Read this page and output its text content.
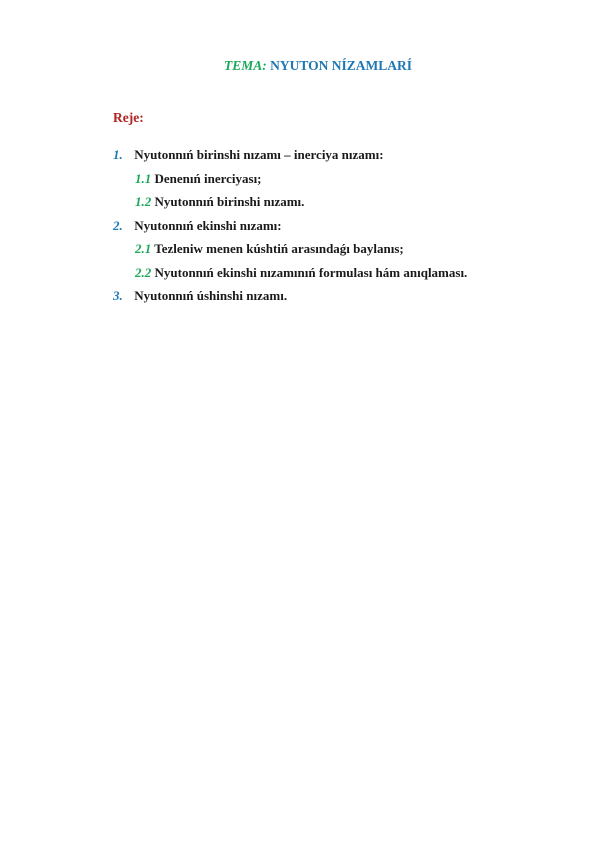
TEMA: NYUTON NÍZAMLARÍ
Reje:
1. Nyutonnıń birinshi nızamı – inerciya nızamı:
1.1 Denenıń inerciyası;
1.2 Nyutonnıń birinshi nızamı.
2. Nyutonnıń ekinshi nızamı:
2.1 Tezleniw menen kúshtiń arasındaǵı baylanıs;
2.2 Nyutonnıń ekinshi nızamınıń formulası hám anıqlaması.
3. Nyutonnıń úshinshi nızamı.
